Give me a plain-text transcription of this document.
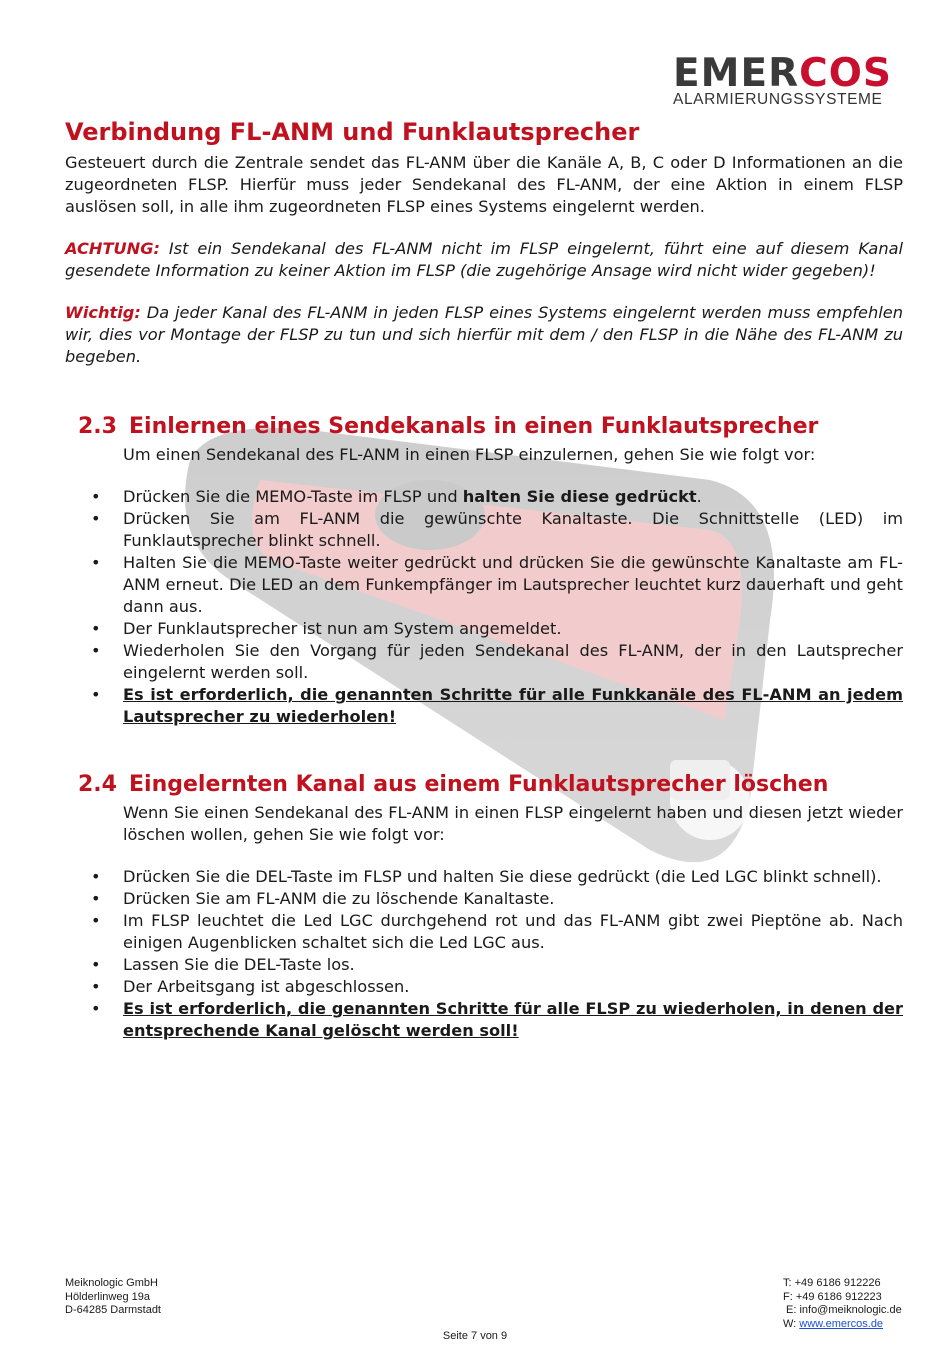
EMERCOS
ALARMIERUNGSSYSTEME
Verbindung FL-ANM und Funklautsprecher

Gesteuert durch die Zentrale sendet das FL-ANM über die Kanäle A, B, C oder D Informationen an die zugeordneten FLSP. Hierfür muss jeder Sendekanal des FL-ANM, der eine Aktion in einem FLSP auslösen soll, in alle ihm zugeordneten FLSP eines Systems eingelernt werden.

ACHTUNG: Ist ein Sendekanal des FL-ANM nicht im FLSP eingelernt, führt eine auf diesem Kanal gesendete Information zu keiner Aktion im FLSP (die zugehörige Ansage wird nicht wider gegeben)!

Wichtig: Da jeder Kanal des FL-ANM in jeden FLSP eines Systems eingelernt werden muss empfehlen wir, dies vor Montage der FLSP zu tun und sich hierfür mit dem / den FLSP in die Nähe des FL-ANM zu begeben.

2.3 Einlernen eines Sendekanals in einen Funklautsprecher

Um einen Sendekanal des FL-ANM in einen FLSP einzulernen, gehen Sie wie folgt vor:

• Drücken Sie die MEMO-Taste im FLSP und halten Sie diese gedrückt.
• Drücken Sie am FL-ANM die gewünschte Kanaltaste. Die Schnittstelle (LED) im Funklautsprecher blinkt schnell.
• Halten Sie die MEMO-Taste weiter gedrückt und drücken Sie die gewünschte Kanaltaste am FL-ANM erneut. Die LED an dem Funkempfänger im Lautsprecher leuchtet kurz dauerhaft und geht dann aus.
• Der Funklautsprecher ist nun am System angemeldet.
• Wiederholen Sie den Vorgang für jeden Sendekanal des FL-ANM, der in den Lautsprecher eingelernt werden soll.
• Es ist erforderlich, die genannten Schritte für alle Funkkanäle des FL-ANM an jedem Lautsprecher zu wiederholen!
2.4 Eingelernten Kanal aus einem Funklautsprecher löschen

Wenn Sie einen Sendekanal des FL-ANM in einen FLSP eingelernt haben und diesen jetzt wieder löschen wollen, gehen Sie wie folgt vor:

• Drücken Sie die DEL-Taste im FLSP und halten Sie diese gedrückt (die Led LGC blinkt schnell).
• Drücken Sie am FL-ANM die zu löschende Kanaltaste.
• Im FLSP leuchtet die Led LGC durchgehend rot und das FL-ANM gibt zwei Pieptöne ab. Nach einigen Augenblicken schaltet sich die Led LGC aus.
• Lassen Sie die DEL-Taste los.
• Der Arbeitsgang ist abgeschlossen.
• Es ist erforderlich, die genannten Schritte für alle FLSP zu wiederholen, in denen der entsprechende Kanal gelöscht werden soll!
Meiknologic GmbH
Hölderlinweg 19a
D-64285 Darmstadt
T: +49 6186 912226
F: +49 6186 912223
E: info@meiknologic.de
W: www.emercos.de
Seite 7 von 9
